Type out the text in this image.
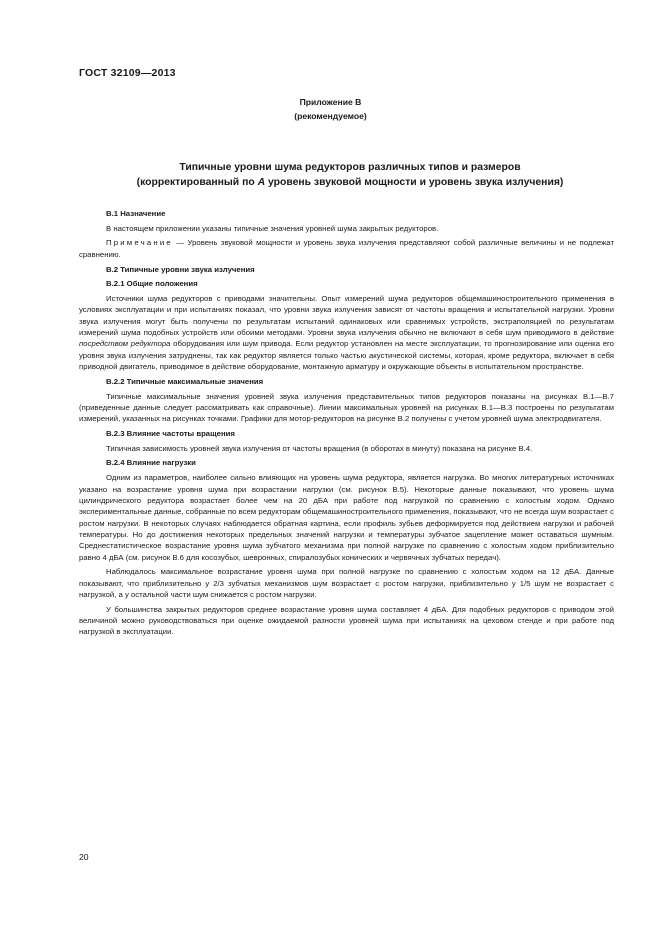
ГОСТ 32109—2013
Приложение В
(рекомендуемое)
Типичные уровни шума редукторов различных типов и размеров
(корректированный по А уровень звуковой мощности и уровень звука излучения)
В.1 Назначение

В настоящем приложении указаны типичные значения уровней шума закрытых редукторов.

Примечание — Уровень звуковой мощности и уровень звука излучения представляют собой различные величины и не подлежат сравнению.

В.2 Типичные уровни звука излучения
В.2.1 Общие положения

Источники шума редукторов с приводами значительны. Опыт измерений шума редукторов общемашиностроительного применения в условиях эксплуатации и при испытаниях показал, что уровни звука излучения зависят от частоты вращения и испытательной нагрузки. Уровни звука излучения могут быть получены по результатам испытаний одинаковых или сравнимых устройств, экстраполяцией по результатам измерений шума подобных устройств или обоими методами. Уровни звука излучения обычно не включают в себя шум приводимого в действие посредством редуктора оборудования или шум привода. Если редуктор установлен на месте эксплуатации, то прогнозирование или оценка его уровня звука излучения затруднены, так как редуктор является только частью акустической системы, которая, кроме редуктора, включает в себя приводной двигатель, приводимое в действие оборудование, монтажную арматуру и окружающие объекты в испытательном пространстве.

В.2.2 Типичные максимальные значения

Типичные максимальные значения уровней звука излучения представительных типов редукторов показаны на рисунках В.1—В.7 (приведенные данные следует рассматривать как справочные). Линии максимальных уровней на рисунках В.1—В.3 построены по результатам измерений, указанных на рисунках точками. Графики для мотор-редукторов на рисунке В.2 получены с учетом уровней шума электродвигателя.

В.2.3 Влияние частоты вращения

Типичная зависимость уровней звука излучения от частоты вращения (в оборотах в минуту) показана на рисунке В.4.

В.2.4 Влияние нагрузки

Одним из параметров, наиболее сильно влияющих на уровень шума редуктора, является нагрузка. Во многих литературных источниках указано на возрастание уровня шума при возрастании нагрузки (см. рисунок В.5). Некоторые данные показывают, что уровень шума цилиндрического редуктора возрастает более чем на 20 дБА при работе под нагрузкой по сравнению с холостым ходом. Однако экспериментальные данные, собранные по всем редукторам общемашиностроительного применения, показывают, что не всегда шум возрастает с ростом нагрузки. В некоторых случаях наблюдается обратная картина, если профиль зубьев деформируется под действием нагрузки и рабочей температуры. Но до достижения некоторых предельных значений нагрузки и температуры зубчатое зацепление может оставаться шумным. Среднестатистическое возрастание уровня шума зубчатого механизма при полной нагрузке по сравнению с холостым ходом приблизительно равно 4 дБА (см. рисунок В.6 для косозубых, шевронных, спиралозубых конических и червячных зубчатых передач).

Наблюдалось максимальное возрастание уровня шума при полной нагрузке по сравнению с холостым ходом на 12 дБА. Данные показывают, что приблизительно у 2/3 зубчатых механизмов шум возрастает с ростом нагрузки, приблизительно у 1/5 шум не возрастает с нагрузкой, а у остальной части шум снижается с ростом нагрузки.

У большинства закрытых редукторов среднее возрастание уровня шума составляет 4 дБА. Для подобных редукторов с приводом этой величиной можно руководствоваться при оценке ожидаемой разности уровней шума при испытаниях на цеховом стенде и при работе под нагрузкой в эксплуатации.

20
